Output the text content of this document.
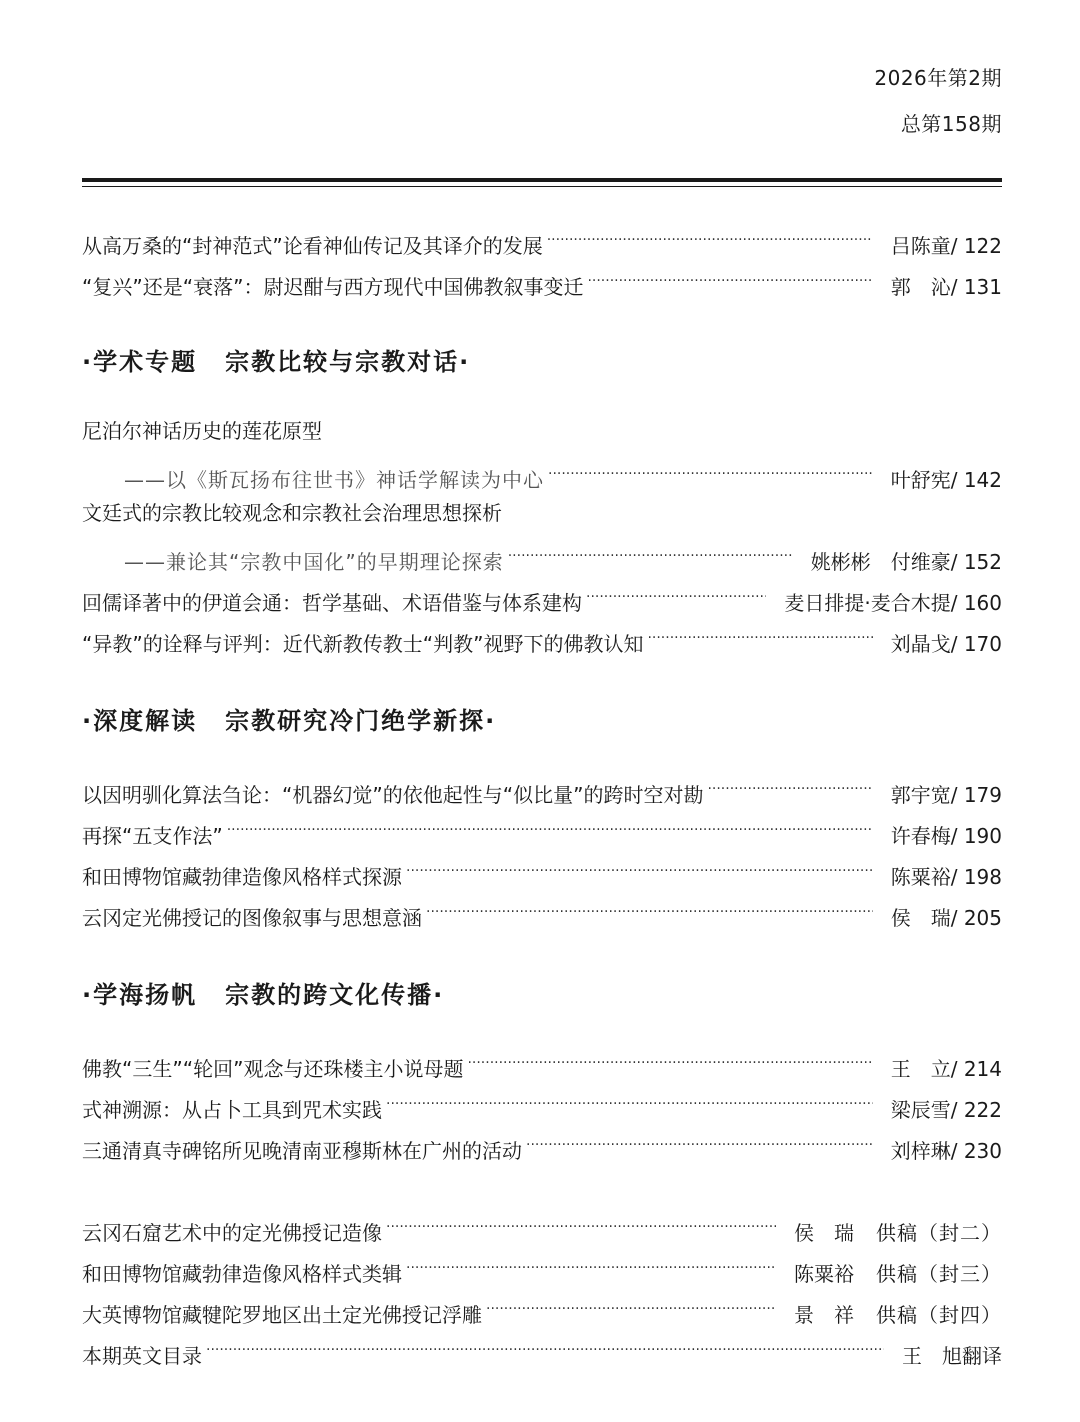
2026年第2期
总第158期
从高万桑的“封神范式”论看神仙传记及其译介的发展 ·····	吕陈童 / 122
“复兴”还是“衰落”：尉迟酣与西方现代中国佛教叙事变迁 ·····	郭　沁 / 131
·学术专题 宗教比较与宗教对话·
尼泊尔神话历史的莲花原型
——以《斯瓦扬布往世书》神话学解读为中心 ·····	叶舒宪 / 142
文廷式的宗教比较观念和宗教社会治理思想探析
——兼论其“宗教中国化”的早期理论探索 ·····	姚彬彬　付维豪 / 152
回儒译著中的伊道会通：哲学基础、术语借鉴与体系建构 ·····	麦日排提·麦合木提 / 160
“异教”的诠释与评判：近代新教传教士“判教”视野下的佛教认知 ·····	刘晶戈 / 170
·深度解读 宗教研究冷门绝学新探·
以因明驯化算法刍论：“机器幻觉”的依他起性与“似比量”的跨时空对勘 ·····	郭宇宽 / 179
再探“五支作法” ·····	许春梅 / 190
和田博物馆藏勃律造像风格样式探源 ·····	陈粟裕 / 198
云冈定光佛授记的图像叙事与思想意涵 ·····	侯　瑞 / 205
·学海扬帆 宗教的跨文化传播·
佛教“三生”“轮回”观念与还珠楼主小说母题 ·····	王　立 / 214
式神溯源：从占卜工具到咒术实践 ·····	梁辰雪 / 222
三通清真寺碑铭所见晚清南亚穆斯林在广州的活动 ·····	刘梓琳 / 230
云冈石窟艺术中的定光佛授记造像 ·····	侯　瑞	供稿（封二）
和田博物馆藏勃律造像风格样式类辑 ·····	陈粟裕	供稿（封三）
大英博物馆藏犍陀罗地区出土定光佛授记浮雕 ·····	景　祥	供稿（封四）
本期英文目录 ·····	王　旭翻译
